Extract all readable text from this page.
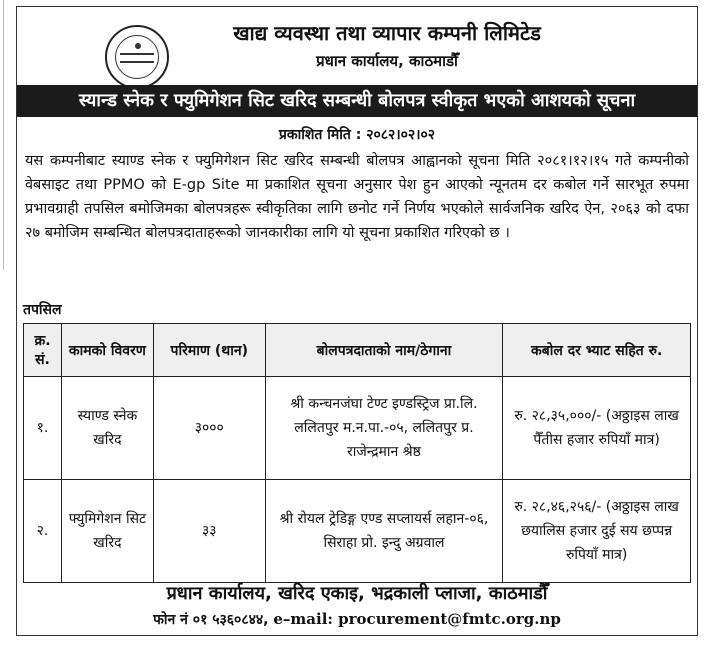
खाद्य व्यवस्था तथा व्यापार कम्पनी लिमिटेड
प्रधान कार्यालय, काठमाडौँ
स्यान्ड स्नेक र फ्युमिगेशन सिट खरिद सम्बन्धी बोलपत्र स्वीकृत भएको आशयको सूचना
प्रकाशित मिति : २०८२।०२।०२
यस कम्पनीबाट स्याण्ड स्नेक र फ्युमिगेशन सिट खरिद सम्बन्धी बोलपत्र आह्वानको सूचना मिति २०८१।१२।१५ गते कम्पनीको वेबसाइट तथा PPMO को E-gp Site मा प्रकाशित सूचना अनुसार पेश हुन आएको न्यूनतम दर कबोल गर्ने सारभूत रुपमा प्रभावग्राही तपसिल बमोजिमका बोलपत्रहरू स्वीकृतिका लागि छनोट गर्ने निर्णय भएकोले सार्वजनिक खरिद ऐन, २०६३ को दफा २७ बमोजिम सम्बन्धित बोलपत्रदाताहरूको जानकारीका लागि यो सूचना प्रकाशित गरिएको छ ।
तपसिल
क्र. सं.	कामको विवरण	परिमाण (थान)	बोलपत्रदाताको नाम/ठेगाना	कबोल दर भ्याट सहित रु.
१.	स्याण्ड स्नेक खरिद	३०००	श्री कन्चनजंघा टेण्ट इण्डस्ट्रिज प्रा.लि. ललितपुर म.न.पा.-०५, ललितपुर प्र. राजेन्द्रमान श्रेष्ठ	रु. २८,३५,०००/- (अठ्ठाइस लाख पैँतीस हजार रुपियाँ मात्र)
२.	फ्युमिगेशन सिट खरिद	३३	श्री रोयल ट्रेडिङ्ग एण्ड सप्लायर्स लहान-०६, सिराहा प्रो. इन्दु अग्रवाल	रु. २८,४६,२५६/- (अठ्ठाइस लाख छयालिस हजार दुई सय छप्पन्न रुपियाँ मात्र)
प्रधान कार्यालय, खरिद एकाइ, भद्रकाली प्लाजा, काठमाडौँ
फोन नं ०१ ५३६०८४४, e–mail: procurement@fmtc.org.np
